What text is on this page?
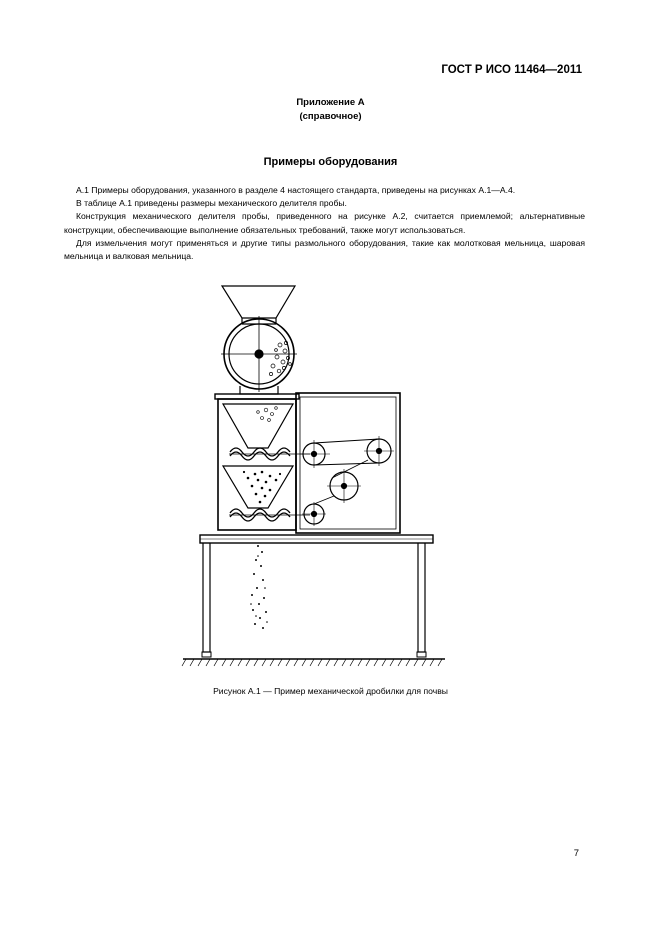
ГОСТ Р ИСО 11464—2011
Приложение А
(справочное)
Примеры оборудования

А.1 Примеры оборудования, указанного в разделе 4 настоящего стандарта, приведены на рисунках А.1—А.4.

В таблице А.1 приведены размеры механического делителя пробы.

Конструкция механического делителя пробы, приведенного на рисунке А.2, считается приемлемой; альтернативные конструкции, обеспечивающие выполнение обязательных требований, также могут использоваться.

Для измельчения могут применяться и другие типы размольного оборудования, такие как молотковая мельница, шаровая мельница и валковая мельница.

Рисунок А.1 — Пример механической дробилки для почвы
7
